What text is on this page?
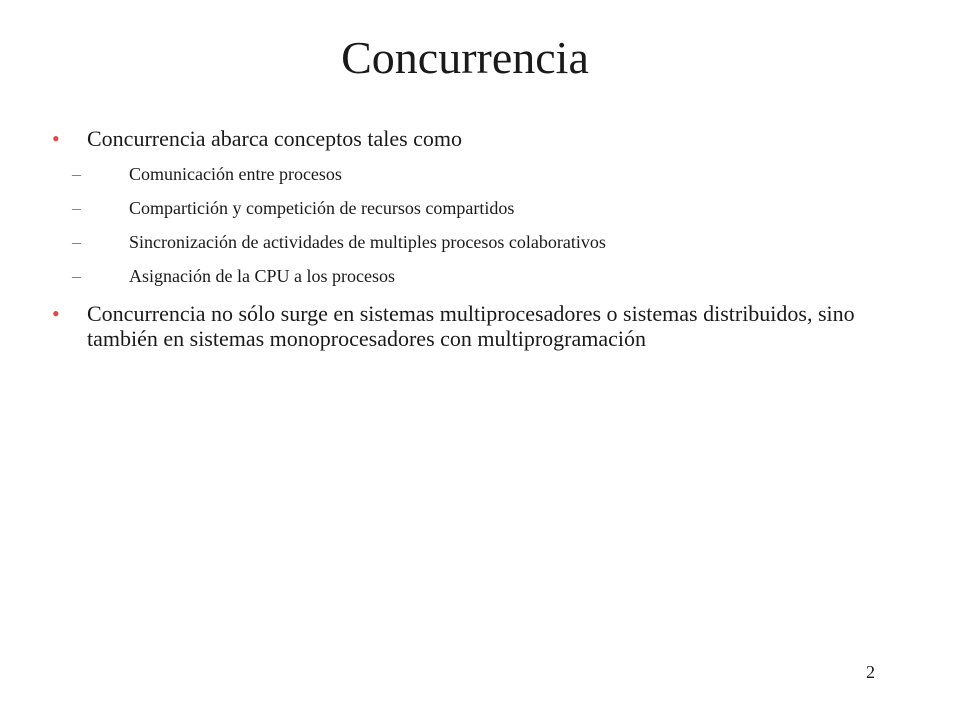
Concurrencia
• Concurrencia abarca conceptos tales como
–	Comunicación entre procesos
–	Compartición y competición de recursos compartidos
–	Sincronización de actividades de multiples procesos colaborativos
–	Asignación de la CPU a los procesos
• Concurrencia no sólo surge en sistemas multiprocesadores o sistemas distribuidos, sino también en sistemas monoprocesadores con multiprogramación
2
